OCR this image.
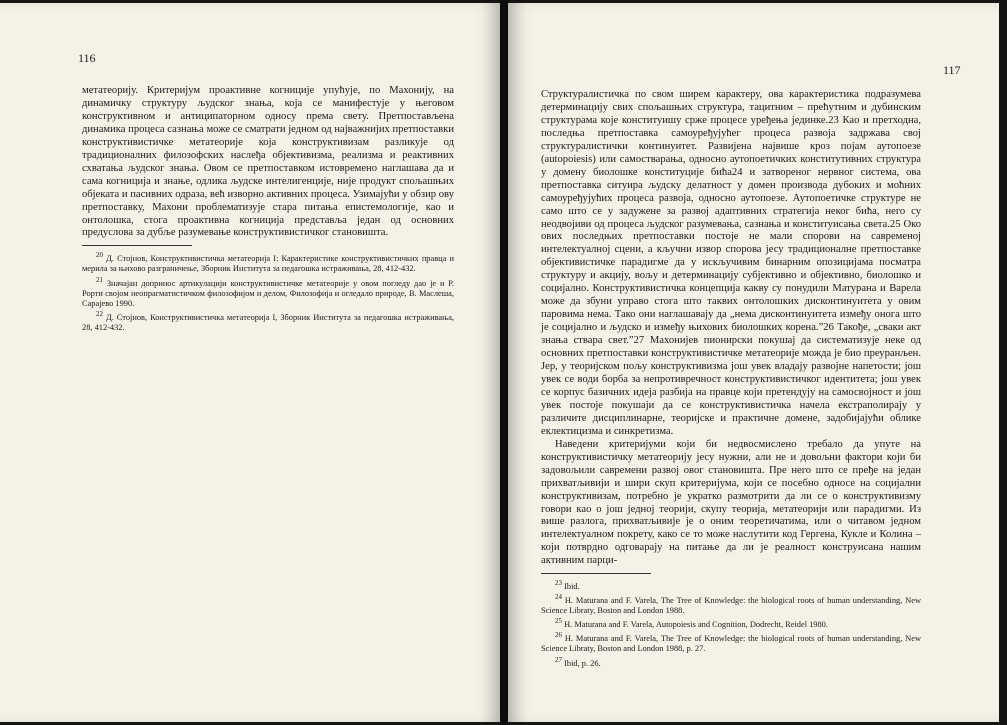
116

метатеорију. Критеријум проактивне когниције упућује, по Махонију, на динамичку структуру људског знања, која се манифестује у његовом конструктивном и антиципаторном односу према свету. Претпостављена динамика процеса сазнања може се сматрати једном од најважнијих претпоставки конструктивистичке метатеорије која конструктивизам разликује од традиционалних филозофских наслеђа објективизма, реализма и реактивних схватања људског знања. Овом се претпоставком истовремено наглашава да и сама когниција и знање, одлика људске интелигенције, није продукт спољашњих објеката и пасивних одраза, већ изворно активних процеса. Узимајући у обзир ову претпоставку, Махони проблематизује стара питања епистемологије, као и онтолошка, стога проактивна когниција представља један од основних предуслова за дубље разумевање конструктивистичког становишта.

$^{20}$ Д. Стојнов, Конструктивистичка метатеорија I: Карактеристике конструктивистичких правца и мерила за њихово разграничење, Зборник Института за педагошка истраживања, 28, 412-432.

$^{21}$ Значајан допринос артикулацији конструктивистичке метатеорије у овом погледу дао је и Р. Рорти својом неопрагматистичком филозофијом и делом, Филозофија и огледало природе, В. Маслеша, Сарајево 1990.

$^{22}$ Д. Стојнов, Конструктивистичка метатеорија I, Зборник Института за педагошка истраживања, 28, 412-432.

117

Структуралистичка по свом ширем карактеру, ова карактеристика подразумева детерминацију свих спољашњих структура, тацитним – прећутним и дубинским структурама које конституишу срже процесе уређења јединке.23 Као и претходна, последња претпоставка самоуређујућег процеса развоја задржава свој структуралистички континуитет. Развијена највише кроз појам аутопоезе (autopoiesis) или самостварања, односно аутопоетичких конститутивних структура у домену биолошке конституције бића24 и затвореног нервног система, ова претпоставка ситуира људску делатност у домен производа дубоких и моћних самоуређујућих процеса развоја, односно аутопоезе. Аутопоетичке структуре не само што се у задужене за развој адаптивних стратегија неког бића, него су неодвојиви од процеса људског разумевања, сазнања и конституисања света.25 Око ових последњих претпоставки постоје не мали спорови на савременој интелектуалној сцени, а кључни извор спорова јесу традиционалне претпоставке објективистичке парадигме да у искључивим бинарним опозицијама посматра структуру и акцију, вољу и детерминацију субјективно и објективно, биолошко и социјално. Конструктивистичка концепција какву су понудили Матурана и Варела може да збуни управо стога што таквих онтолошких дисконтинуитета у овим паровима нема. Тако они наглашавају да „нема дисконтинуитета између онога што је социјално и људско и између њихових биолошких корена.”26 Такође, „сваки акт знања ствара свет.”27 Махонијев пионирски покушај да систематизује неке од основних претпоставки конструктивистичке метатеорије можда је био преуранљен. Јер, у теоријском пољу конструктивизма још увек владају развојне напетости; још увек се води борба за непротивречност конструктивистичког идентитета; још увек се корпус базичних идеја разбија на правце који претендују на самосвојност и још увек постоје покушаји да се конструктивистичка начела екстраполирају у различите дисциплинарне, теоријске и практичне домене, задобијајући облике еклектицизма и синкретизма.

Наведени критеријуми који би недвосмислено требало да упуте на конструктивистичку метатеорију јесу нужни, али не и довољни фактори који би задовољили савремени развој овог становишта. Пре него што се пређе на један прихватљивији и шири скуп критеријума, који се посебно односе на социјални конструктивизам, потребно је укратко размотрити да ли се о конструктивизму говори као о још једној теорији, скупу теорија, метатеорији или парадигми. Из више разлога, прихватљивије је о оним теоретичатима, или о читавом једном интелектуалном покрету, како се то може наслутити код Гергена, Кукле и Колина – који потврдно одговарају на питање да ли је реалност конструисана нашим активним парци-

$^{23}$ Ibid.

$^{24}$ H. Maturana and F. Varela, The Tree of Knowledge: the biological roots of human understanding, New Science Libraty, Boston and London 1988.

$^{25}$ H. Maturana and F. Varela, Autopoiesis and Cognition, Dodrecht, Reidel 1980.

$^{26}$ H. Maturana and F. Varela, The Tree of Knowledge: the biological roots of human understanding, New Science Libraty, Boston and London 1988, p. 27.

$^{27}$ Ibid, p. 26.
